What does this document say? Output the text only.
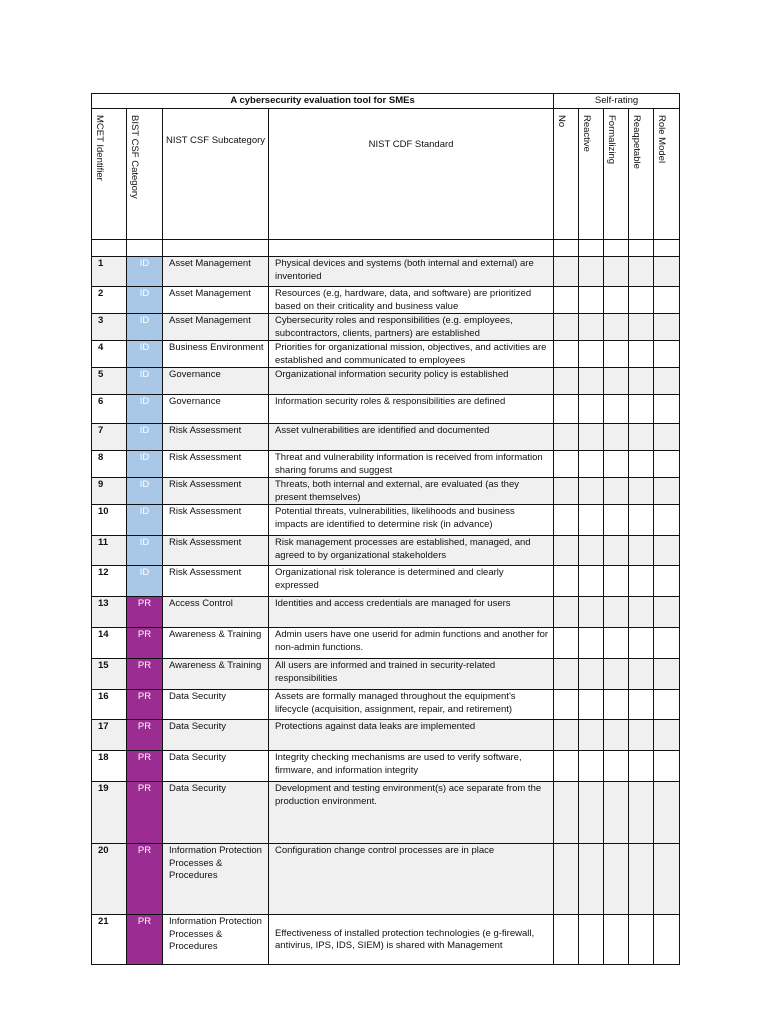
A cybersecurity evaluation tool for SMEs				Self-rating				

MCET Identifier	BIST CSF Category	NIST CSF Subcategory	NIST CDF Standard	No	Reactive	Formalizing	Reaqpetable	Role Model

1	ID	Asset Management	Physical devices and systems (both internal and external) are inventoried					
2	ID	Asset Management	Resources (e.g, hardware, data, and software) are prioritized based on their criticality and business value					
3	ID	Asset Management	Cybersecurity roles and responsibilities (e.g. employees, subcontractors, clients, partners) are established					
4	ID	Business Environment	Priorities for organizational mission, objectives, and activities are established and communicated to employees					
5	ID	Governance	Organizational information security policy is established					
6	ID	Governance	Information security roles & responsibilities are defined					
7	ID	Risk Assessment	Asset vulnerabilities are identified and documented					
8	ID	Risk Assessment	Threat and vulnerability information is received from information sharing forums and suggest					
9	ID	Risk Assessment	Threats, both internal and external, are evaluated (as they present themselves)					
10	ID	Risk Assessment	Potential threats, vulnerabilities, likelihoods and business impacts are identified to determine risk (in advance)					
11	ID	Risk Assessment	Risk management processes are established, managed, and agreed to by organizational stakeholders					
12	ID	Risk Assessment	Organizational risk tolerance is determined and clearly expressed					
13	PR	Access Control	Identities and access credentials are managed for users					
14	PR	Awareness & Training	Admin users have one userid for admin functions and another for non-admin functions.					
15	PR	Awareness & Training	All users are informed and trained in security-related responsibilities					
16	PR	Data Security	Assets are formally managed throughout the equipment's lifecycle (acquisition, assignment, repair, and retirement)					
17	PR	Data Security	Protections against data leaks are implemented					
18	PR	Data Security	Integrity checking mechanisms are used to verify software, firmware, and information integrity					
19	PR	Data Security	Development and testing environment(s) ace separate from the production environment.					
20	PR	Information Protection Processes & Procedures	Configuration change control processes are in place					
21	PR	Information Protection Processes & Procedures	Effectiveness of installed protection technologies (e g-firewall, antivirus, IPS, IDS, SIEM) is shared with Management					
